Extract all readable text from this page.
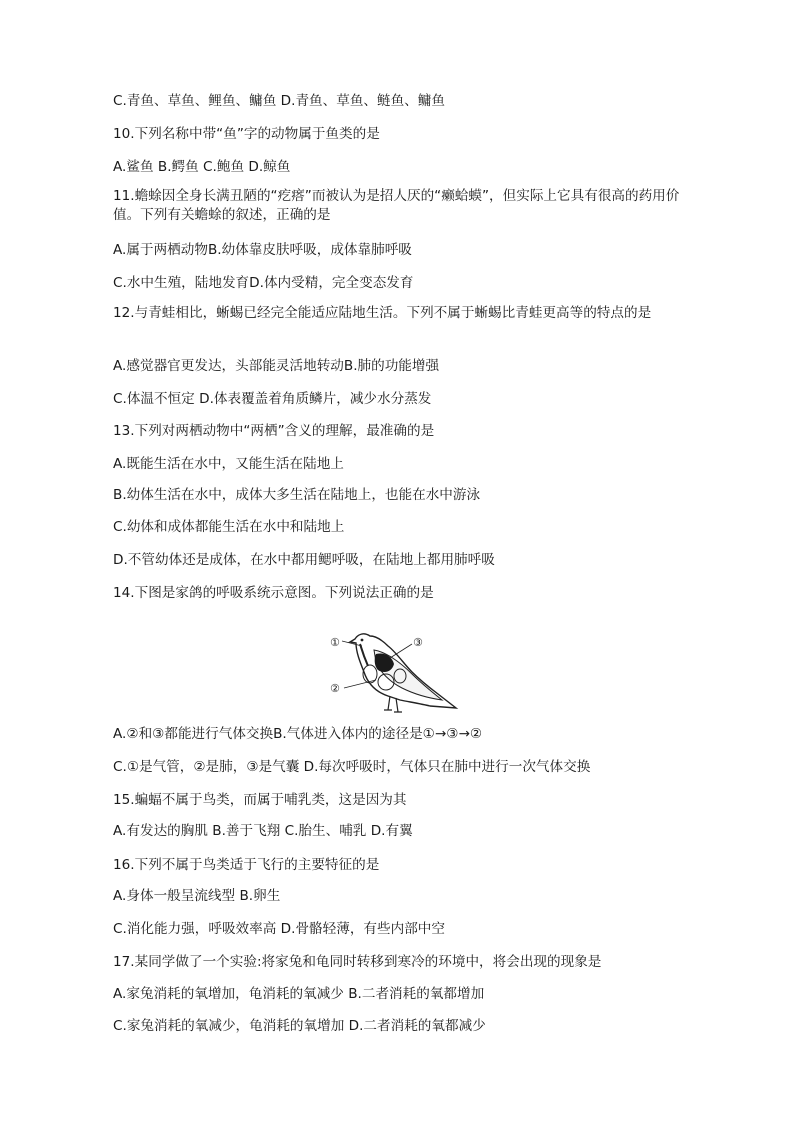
C.青鱼、草鱼、鲤鱼、鳙鱼 D.青鱼、草鱼、鲢鱼、鳙鱼
10.下列名称中带“鱼”字的动物属于鱼类的是
A.鲨鱼 B.鳄鱼 C.鲍鱼 D.鲸鱼
11.蟾蜍因全身长满丑陋的“疙瘩”而被认为是招人厌的“癞蛤蟆”，但实际上它具有很高的药用价值。下列有关蟾蜍的叙述，正确的是
A.属于两栖动物B.幼体靠皮肤呼吸，成体靠肺呼吸
C.水中生殖，陆地发育D.体内受精，完全变态发育
12.与青蛙相比，蜥蜴已经完全能适应陆地生活。下列不属于蜥蜴比青蛙更高等的特点的是
A.感觉器官更发达，头部能灵活地转动B.肺的功能增强
C.体温不恒定 D.体表覆盖着角质鳞片，减少水分蒸发
13.下列对两栖动物中“两栖”含义的理解，最准确的是
A.既能生活在水中，又能生活在陆地上
B.幼体生活在水中，成体大多生活在陆地上，也能在水中游泳
C.幼体和成体都能生活在水中和陆地上
D.不管幼体还是成体，在水中都用鳃呼吸，在陆地上都用肺呼吸
14.下图是家鸽的呼吸系统示意图。下列说法正确的是
①
②
③
A.②和③都能进行气体交换B.气体进入体内的途径是①→③→②
C.①是气管，②是肺，③是气囊 D.每次呼吸时，气体只在肺中进行一次气体交换
15.蝙蝠不属于鸟类，而属于哺乳类，这是因为其
A.有发达的胸肌 B.善于飞翔 C.胎生、哺乳 D.有翼
16.下列不属于鸟类适于飞行的主要特征的是
A.身体一般呈流线型 B.卵生
C.消化能力强，呼吸效率高 D.骨骼轻薄，有些内部中空
17.某同学做了一个实验:将家兔和龟同时转移到寒冷的环境中，将会出现的现象是
A.家兔消耗的氧增加，龟消耗的氧减少 B.二者消耗的氧都增加
C.家兔消耗的氧减少，龟消耗的氧增加 D.二者消耗的氧都减少
